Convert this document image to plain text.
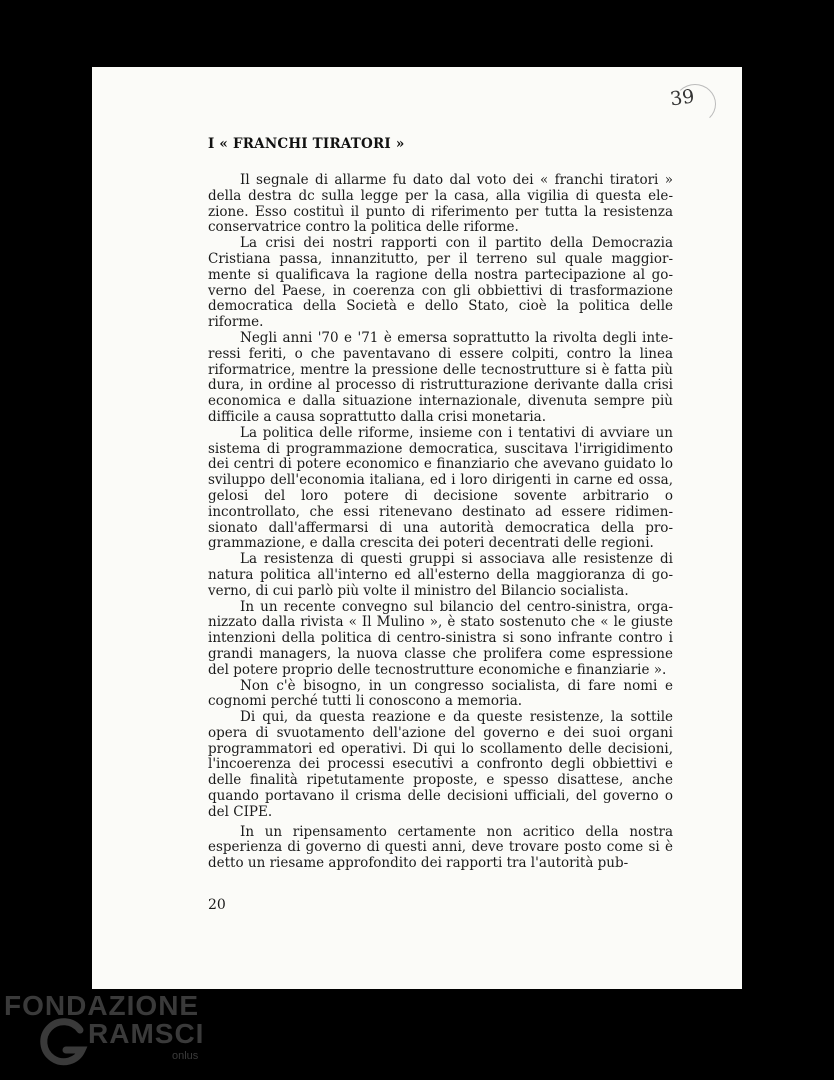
39
I « FRANCHI TIRATORI »

Il segnale di allarme fu dato dal voto dei « franchi tiratori » della destra dc sulla legge per la casa, alla vigilia di questa elezione. Esso costituì il punto di riferimento per tutta la resistenza conservatrice contro la politica delle riforme.

La crisi dei nostri rapporti con il partito della Democrazia Cristiana passa, innanzitutto, per il terreno sul quale maggiormente si qualificava la ragione della nostra partecipazione al governo del Paese, in coerenza con gli obbiettivi di trasformazione democratica della Società e dello Stato, cioè la politica delle riforme.

Negli anni '70 e '71 è emersa soprattutto la rivolta degli interessi feriti, o che paventavano di essere colpiti, contro la linea riformatrice, mentre la pressione delle tecnostrutture si è fatta più dura, in ordine al processo di ristrutturazione derivante dalla crisi economica e dalla situazione internazionale, divenuta sempre più difficile a causa soprattutto dalla crisi monetaria.

La politica delle riforme, insieme con i tentativi di avviare un sistema di programmazione democratica, suscitava l'irrigidimento dei centri di potere economico e finanziario che avevano guidato lo sviluppo dell'economia italiana, ed i loro dirigenti in carne ed ossa, gelosi del loro potere di decisione sovente arbitrario o incontrollato, che essi ritenevano destinato ad essere ridimensionato dall'affermarsi di una autorità democratica della programmazione, e dalla crescita dei poteri decentrati delle regioni.

La resistenza di questi gruppi si associava alle resistenze di natura politica all'interno ed all'esterno della maggioranza di governo, di cui parlò più volte il ministro del Bilancio socialista.

In un recente convegno sul bilancio del centro-sinistra, organizzato dalla rivista « Il Mulino », è stato sostenuto che « le giuste intenzioni della politica di centro-sinistra si sono infrante contro i grandi managers, la nuova classe che prolifera come espressione del potere proprio delle tecnostrutture economiche e finanziarie ».

Non c'è bisogno, in un congresso socialista, di fare nomi e cognomi perché tutti li conoscono a memoria.

Di qui, da questa reazione e da queste resistenze, la sottile opera di svuotamento dell'azione del governo e dei suoi organi programmatori ed operativi. Di qui lo scollamento delle decisioni, l'incoerenza dei processi esecutivi a confronto degli obbiettivi e delle finalità ripetutamente proposte, e spesso disattese, anche quando portavano il crisma delle decisioni ufficiali, del governo o del CIPE.

In un ripensamento certamente non acritico della nostra esperienza di governo di questi anni, deve trovare posto come si è detto un riesame approfondito dei rapporti tra l'autorità pub-

20
FONDAZIONE
RAMSCI
onlus
